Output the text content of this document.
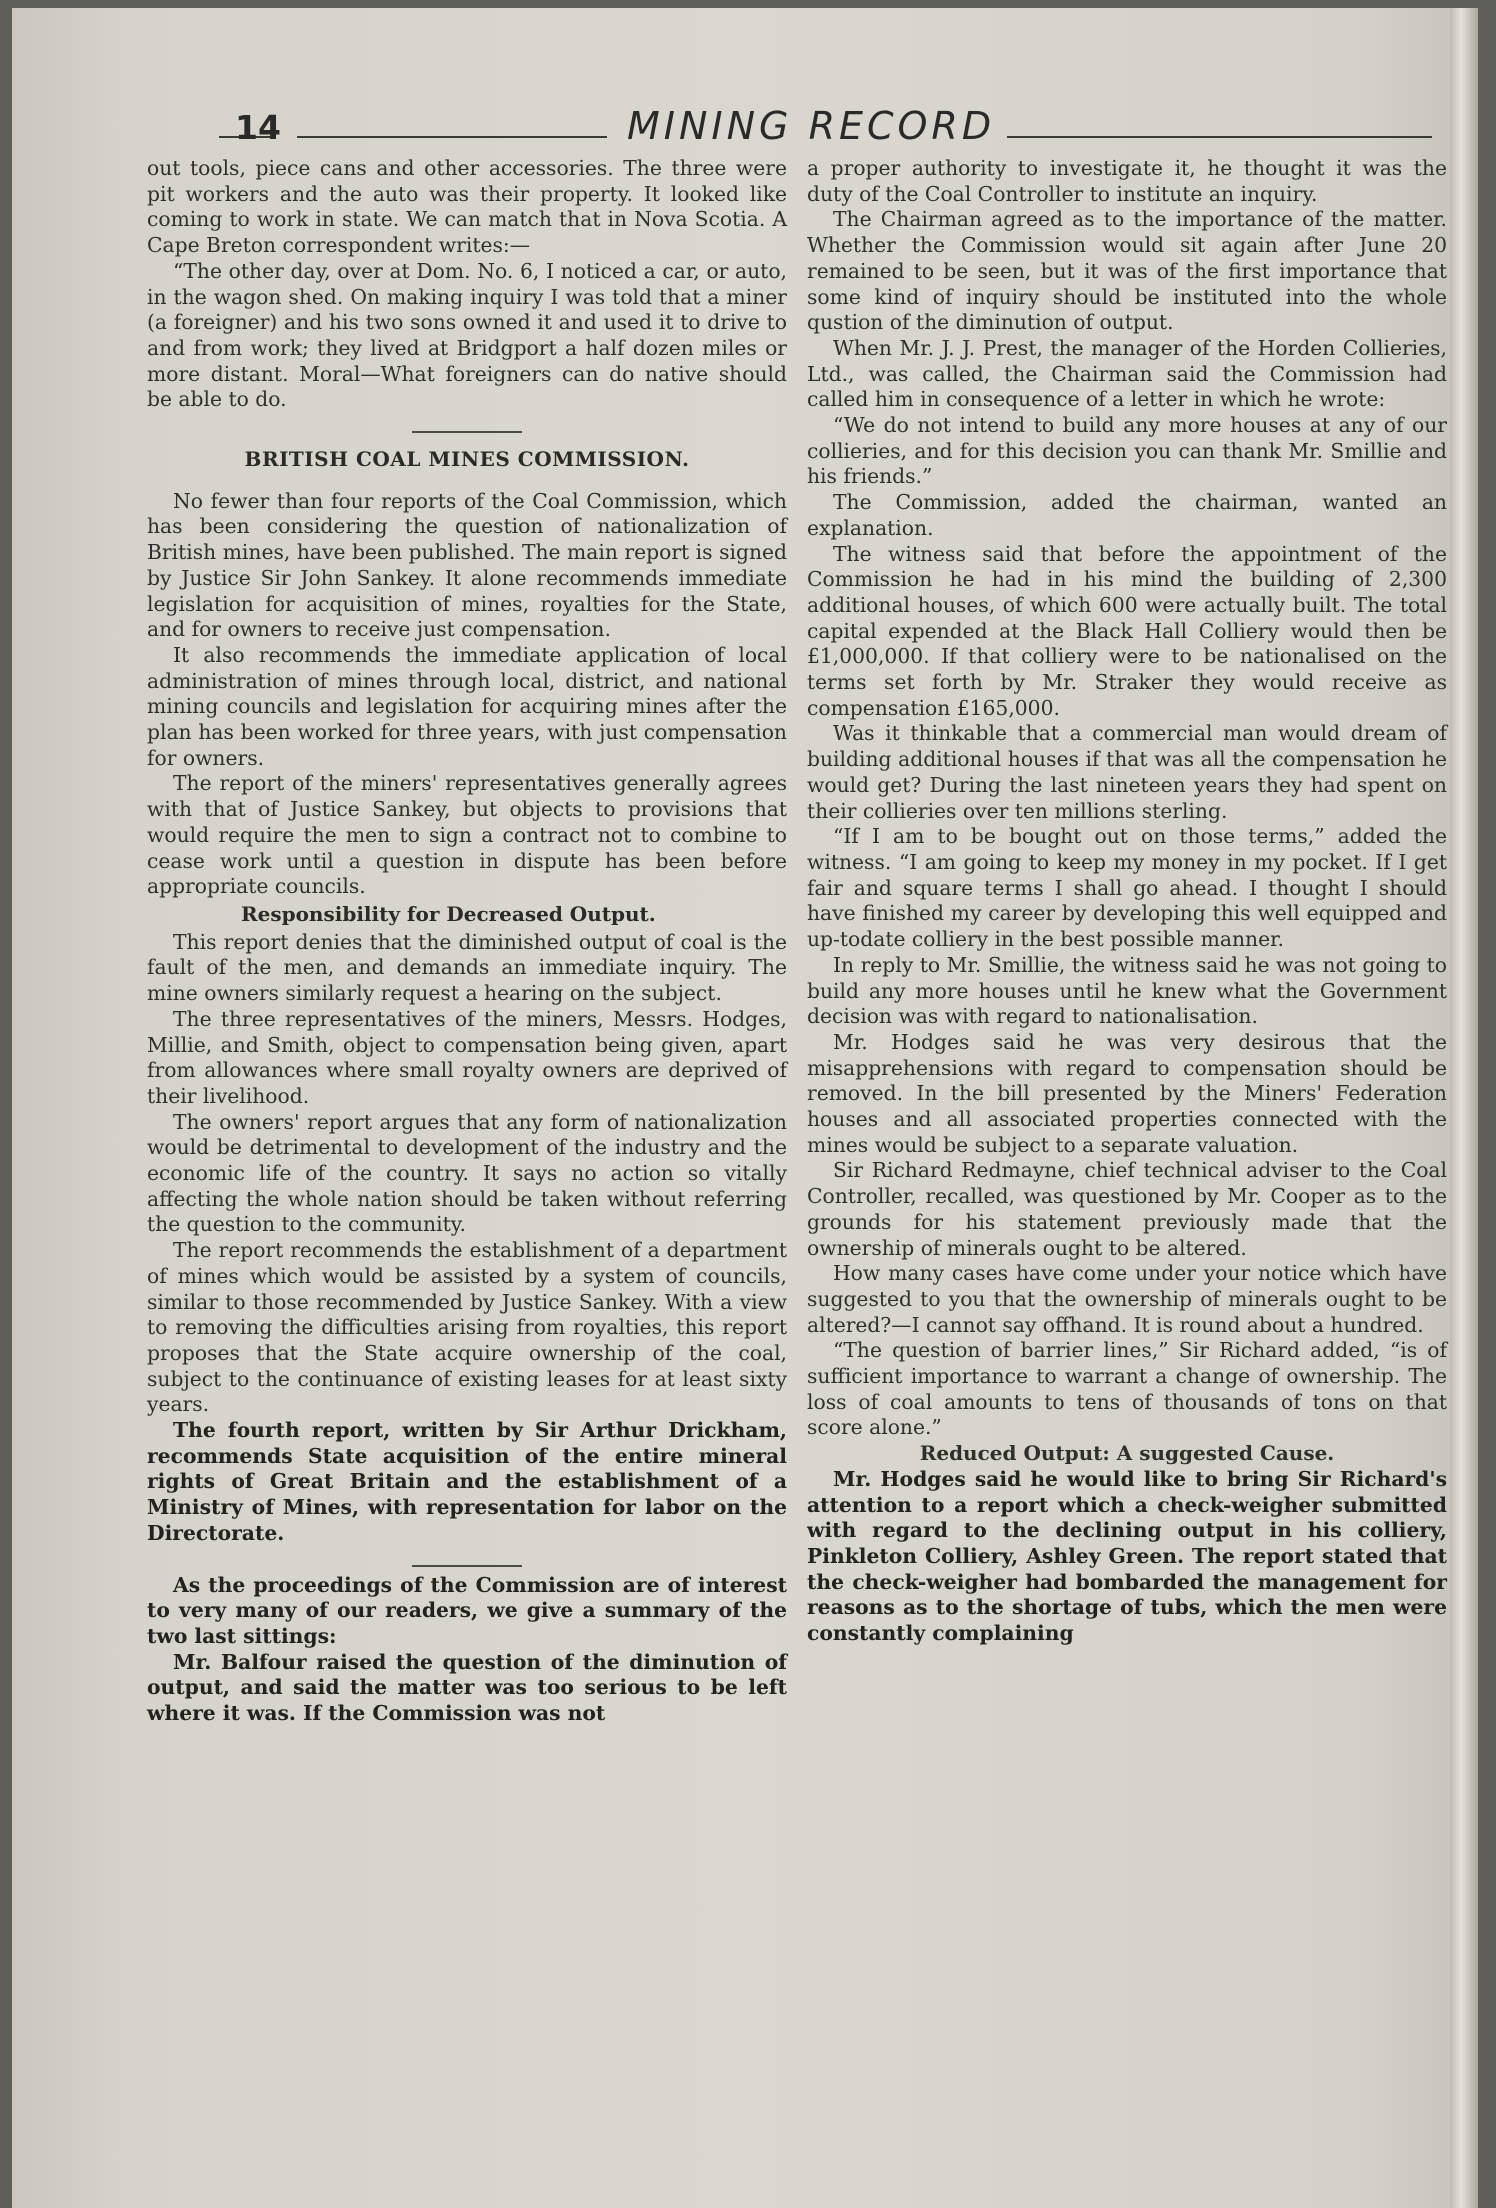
14	MINING RECORD

out tools, piece cans and other accessories. The three were pit workers and the auto was their property. It looked like coming to work in state. We can match that in Nova Scotia. A Cape Breton correspondent writes:—

“The other day, over at Dom. No. 6, I noticed a car, or auto, in the wagon shed. On making inquiry I was told that a miner (a foreigner) and his two sons owned it and used it to drive to and from work; they lived at Bridgport a half dozen miles or more distant. Moral—What foreigners can do native should be able to do.

BRITISH COAL MINES COMMISSION.

No fewer than four reports of the Coal Commission, which has been considering the question of nationalization of British mines, have been published. The main report is signed by Justice Sir John Sankey. It alone recommends immediate legislation for acquisition of mines, royalties for the State, and for owners to receive just compensation.

It also recommends the immediate application of local administration of mines through local, district, and national mining councils and legislation for acquiring mines after the plan has been worked for three years, with just compensation for owners.

The report of the miners' representatives generally agrees with that of Justice Sankey, but objects to provisions that would require the men to sign a contract not to combine to cease work until a question in dispute has been before appropriate councils.

Responsibility for Decreased Output.

This report denies that the diminished output of coal is the fault of the men, and demands an immediate inquiry. The mine owners similarly request a hearing on the subject.

The three representatives of the miners, Messrs. Hodges, Millie, and Smith, object to compensation being given, apart from allowances where small royalty owners are deprived of their livelihood.

The owners' report argues that any form of nationalization would be detrimental to development of the industry and the economic life of the country. It says no action so vitally affecting the whole nation should be taken without referring the question to the community.

The report recommends the establishment of a department of mines which would be assisted by a system of councils, similar to those recommended by Justice Sankey. With a view to removing the difficulties arising from royalties, this report proposes that the State acquire ownership of the coal, subject to the continuance of existing leases for at least sixty years.

The fourth report, written by Sir Arthur Drickham, recommends State acquisition of the entire mineral rights of Great Britain and the establishment of a Ministry of Mines, with representation for labor on the Directorate.

As the proceedings of the Commission are of interest to very many of our readers, we give a summary of the two last sittings:

Mr. Balfour raised the question of the diminution of output, and said the matter was too serious to be left where it was. If the Commission was not

a proper authority to investigate it, he thought it was the duty of the Coal Controller to institute an inquiry.

The Chairman agreed as to the importance of the matter. Whether the Commission would sit again after June 20 remained to be seen, but it was of the first importance that some kind of inquiry should be instituted into the whole qustion of the diminution of output.

When Mr. J. J. Prest, the manager of the Horden Collieries, Ltd., was called, the Chairman said the Commission had called him in consequence of a letter in which he wrote:

“We do not intend to build any more houses at any of our collieries, and for this decision you can thank Mr. Smillie and his friends.”

The Commission, added the chairman, wanted an explanation.

The witness said that before the appointment of the Commission he had in his mind the building of 2,300 additional houses, of which 600 were actually built. The total capital expended at the Black Hall Colliery would then be £1,000,000. If that colliery were to be nationalised on the terms set forth by Mr. Straker they would receive as compensation £165,000.

Was it thinkable that a commercial man would dream of building additional houses if that was all the compensation he would get? During the last nineteen years they had spent on their collieries over ten millions sterling.

“If I am to be bought out on those terms,” added the witness. “I am going to keep my money in my pocket. If I get fair and square terms I shall go ahead. I thought I should have finished my career by developing this well equipped and up-todate colliery in the best possible manner.

In reply to Mr. Smillie, the witness said he was not going to build any more houses until he knew what the Government decision was with regard to nationalisation.

Mr. Hodges said he was very desirous that the misapprehensions with regard to compensation should be removed. In the bill presented by the Miners' Federation houses and all associated properties connected with the mines would be subject to a separate valuation.

Sir Richard Redmayne, chief technical adviser to the Coal Controller, recalled, was questioned by Mr. Cooper as to the grounds for his statement previously made that the ownership of minerals ought to be altered.

How many cases have come under your notice which have suggested to you that the ownership of minerals ought to be altered?—I cannot say offhand. It is round about a hundred.

“The question of barrier lines,” Sir Richard added, “is of sufficient importance to warrant a change of ownership. The loss of coal amounts to tens of thousands of tons on that score alone.”

Reduced Output: A suggested Cause.

Mr. Hodges said he would like to bring Sir Richard's attention to a report which a check-weigher submitted with regard to the declining output in his colliery, Pinkleton Colliery, Ashley Green. The report stated that the check-weigher had bombarded the management for reasons as to the shortage of tubs, which the men were constantly complaining
